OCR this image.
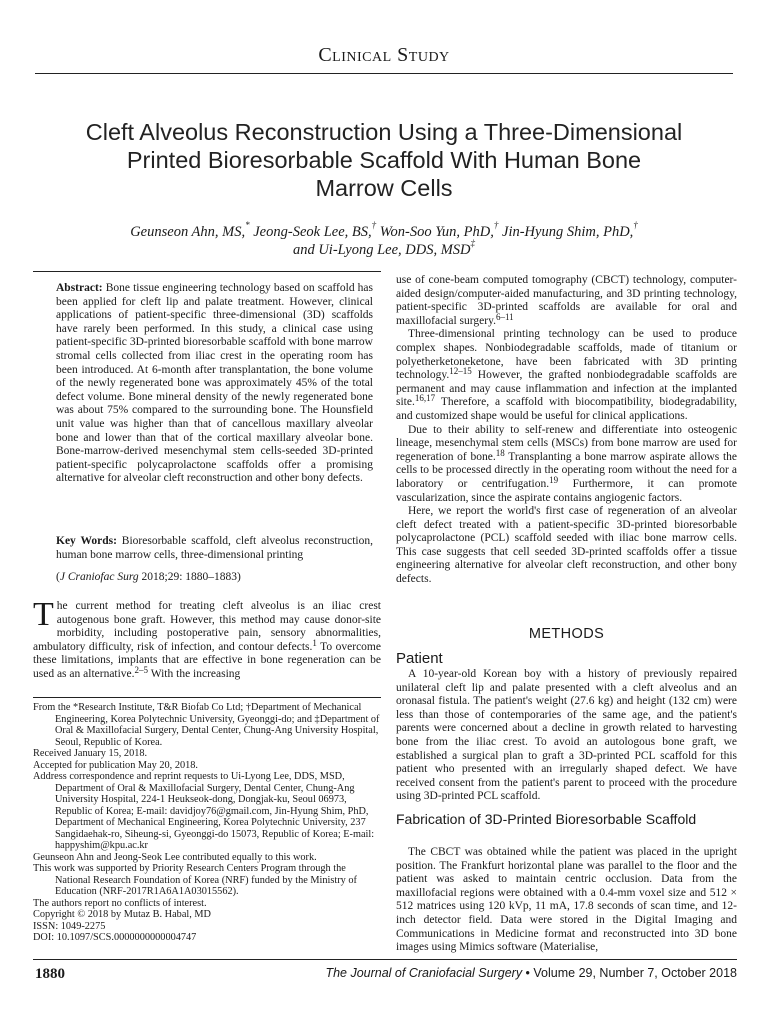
Clinical Study
Cleft Alveolus Reconstruction Using a Three-Dimensional
Printed Bioresorbable Scaffold With Human Bone
Marrow Cells
Geunseon Ahn, MS,* Jeong-Seok Lee, BS,† Won-Soo Yun, PhD,† Jin-Hyung Shim, PhD,†
and Ui-Lyong Lee, DDS, MSD‡

Abstract: Bone tissue engineering technology based on scaffold has been applied for cleft lip and palate treatment. However, clinical applications of patient-specific three-dimensional (3D) scaffolds have rarely been performed. In this study, a clinical case using patient-specific 3D-printed bioresorbable scaffold with bone marrow stromal cells collected from iliac crest in the operating room has been introduced. At 6-month after transplantation, the bone volume of the newly regenerated bone was approximately 45% of the total defect volume. Bone mineral density of the newly regenerated bone was about 75% compared to the surrounding bone. The Hounsfield unit value was higher than that of cancellous maxillary alveolar bone and lower than that of the cortical maxillary alveolar bone. Bone-marrow-derived mesenchymal stem cells-seeded 3D-printed patient-specific polycaprolactone scaffolds offer a promising alternative for alveolar cleft reconstruction and other bony defects.

Key Words: Bioresorbable scaffold, cleft alveolus reconstruction, human bone marrow cells, three-dimensional printing

(J Craniofac Surg 2018;29: 1880–1883)

The current method for treating cleft alveolus is an iliac crest autogenous bone graft. However, this method may cause donor-site morbidity, including postoperative pain, sensory abnormalities, ambulatory difficulty, risk of infection, and contour defects.$^1$ To overcome these limitations, implants that are effective in bone regeneration can be used as an alternative.$^{2-5}$ With the increasing

From the *Research Institute, T&R Biofab Co Ltd; †Department of Mechanical Engineering, Korea Polytechnic University, Gyeonggi-do; and ‡Department of Oral & Maxillofacial Surgery, Dental Center, Chung-Ang University Hospital, Seoul, Republic of Korea.

Received January 15, 2018.

Accepted for publication May 20, 2018.

Address correspondence and reprint requests to Ui-Lyong Lee, DDS, MSD, Department of Oral & Maxillofacial Surgery, Dental Center, Chung-Ang University Hospital, 224-1 Heukseok-dong, Dongjak-ku, Seoul 06973, Republic of Korea; E-mail: davidjoy76@gmail.com, Jin-Hyung Shim, PhD, Department of Mechanical Engineering, Korea Polytechnic University, 237 Sangidaehak-ro, Siheung-si, Gyeonggi-do 15073, Republic of Korea; E-mail: happyshim@kpu.ac.kr

Geunseon Ahn and Jeong-Seok Lee contributed equally to this work.

This work was supported by Priority Research Centers Program through the National Research Foundation of Korea (NRF) funded by the Ministry of Education (NRF-2017R1A6A1A03015562).

The authors report no conflicts of interest.

Copyright © 2018 by Mutaz B. Habal, MD

ISSN: 1049-2275

DOI: 10.1097/SCS.0000000000004747

use of cone-beam computed tomography (CBCT) technology, computer-aided design/computer-aided manufacturing, and 3D printing technology, patient-specific 3D-printed scaffolds are available for oral and maxillofacial surgery.$^{6-11}$

Three-dimensional printing technology can be used to produce complex shapes. Nonbiodegradable scaffolds, made of titanium or polyetherketoneketone, have been fabricated with 3D printing technology.$^{12-15}$ However, the grafted nonbiodegradable scaffolds are permanent and may cause inflammation and infection at the implanted site.$^{16,17}$ Therefore, a scaffold with biocompatibility, biodegradability, and customized shape would be useful for clinical applications.

Due to their ability to self-renew and differentiate into osteogenic lineage, mesenchymal stem cells (MSCs) from bone marrow are used for regeneration of bone.$^{18}$ Transplanting a bone marrow aspirate allows the cells to be processed directly in the operating room without the need for a laboratory or centrifugation.$^{19}$ Furthermore, it can promote vascularization, since the aspirate contains angiogenic factors.

Here, we report the world's first case of regeneration of an alveolar cleft defect treated with a patient-specific 3D-printed bioresorbable polycaprolactone (PCL) scaffold seeded with iliac bone marrow cells. This case suggests that cell seeded 3D-printed scaffolds offer a tissue engineering alternative for alveolar cleft reconstruction, and other bony defects.

METHODS
Patient

A 10-year-old Korean boy with a history of previously repaired unilateral cleft lip and palate presented with a cleft alveolus and an oronasal fistula. The patient's weight (27.6 kg) and height (132 cm) were less than those of contemporaries of the same age, and the patient's parents were concerned about a decline in growth related to harvesting bone from the iliac crest. To avoid an autologous bone graft, we established a surgical plan to graft a 3D-printed PCL scaffold for this patient who presented with an irregularly shaped defect. We have received consent from the patient's parent to proceed with the procedure using 3D-printed PCL scaffold.

Fabrication of 3D-Printed Bioresorbable Scaffold

The CBCT was obtained while the patient was placed in the upright position. The Frankfurt horizontal plane was parallel to the floor and the patient was asked to maintain centric occlusion. Data from the maxillofacial regions were obtained with a 0.4-mm voxel size and 512 × 512 matrices using 120 kVp, 11 mA, 17.8 seconds of scan time, and 12-inch detector field. Data were stored in the Digital Imaging and Communications in Medicine format and reconstructed into 3D bone images using Mimics software (Materialise,

1880	The Journal of Craniofacial Surgery • Volume 29, Number 7, October 2018
